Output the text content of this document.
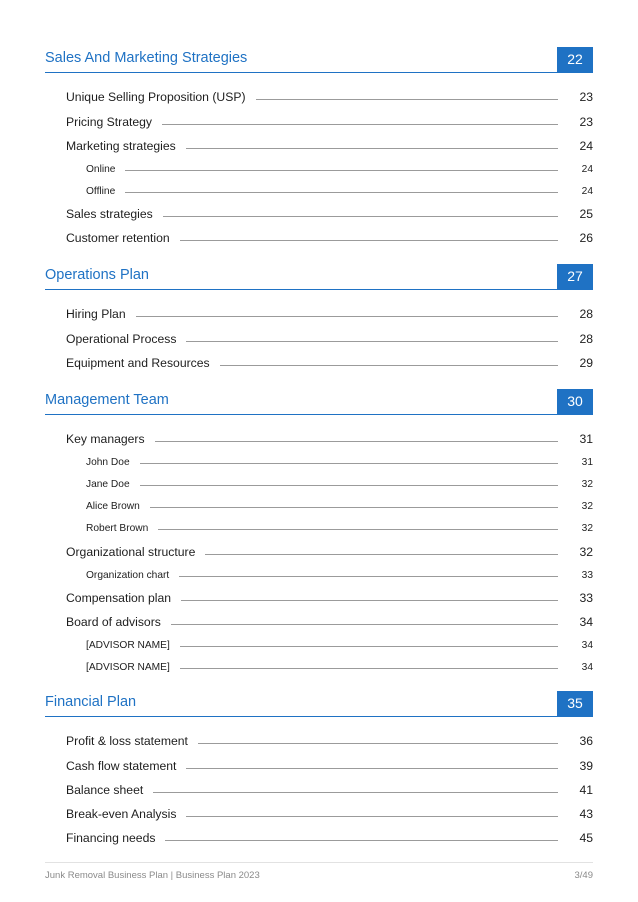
Sales And Marketing Strategies	22
Unique Selling Proposition (USP)	23
Pricing Strategy	23
Marketing strategies	24
Online	24
Offline	24
Sales strategies	25
Customer retention	26
Operations Plan	27
Hiring Plan	28
Operational Process	28
Equipment and Resources	29
Management Team	30
Key managers	31
John Doe	31
Jane Doe	32
Alice Brown	32
Robert Brown	32
Organizational structure	32
Organization chart	33
Compensation plan	33
Board of advisors	34
[ADVISOR NAME]	34
[ADVISOR NAME]	34
Financial Plan	35
Profit & loss statement	36
Cash flow statement	39
Balance sheet	41
Break-even Analysis	43
Financing needs	45
Junk Removal Business Plan | Business Plan 2023	3/49
